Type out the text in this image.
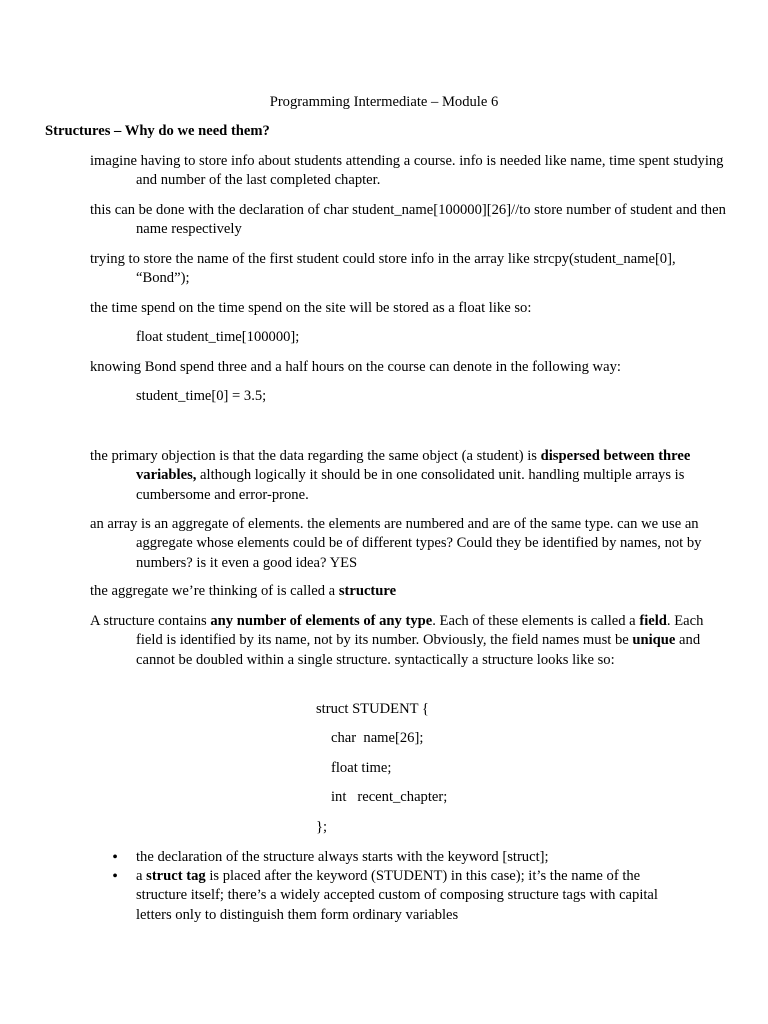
Programming Intermediate – Module 6
Structures – Why do we need them?
imagine having to store info about students attending a course. info is needed like name, time spent studying and number of the last completed chapter.
this can be done with the declaration of char student_name[100000][26]//to store number of student and then name respectively
trying to store the name of the first student could store info in the array like strcpy(student_name[0], “Bond”);
the time spend on the time spend on the site will be stored as a float like so:
float student_time[100000];
knowing Bond spend three and a half hours on the course can denote in the following way:
student_time[0] = 3.5;
the primary objection is that the data regarding the same object (a student) is dispersed between three variables, although logically it should be in one consolidated unit. handling multiple arrays is cumbersome and error-prone.
an array is an aggregate of elements. the elements are numbered and are of the same type. can we use an aggregate whose elements could be of different types? Could they be identified by names, not by numbers? is it even a good idea? YES
the aggregate we’re thinking of is called a structure
A structure contains any number of elements of any type. Each of these elements is called a field. Each field is identified by its name, not by its number. Obviously, the field names must be unique and cannot be doubled within a single structure. syntactically a structure looks like so:
struct STUDENT {
char  name[26];
float time;
int   recent_chapter;
};
• the declaration of the structure always starts with the keyword [struct];
• a struct tag is placed after the keyword (STUDENT) in this case); it’s the name of the structure itself; there’s a widely accepted custom of composing structure tags with capital letters only to distinguish them form ordinary variables
